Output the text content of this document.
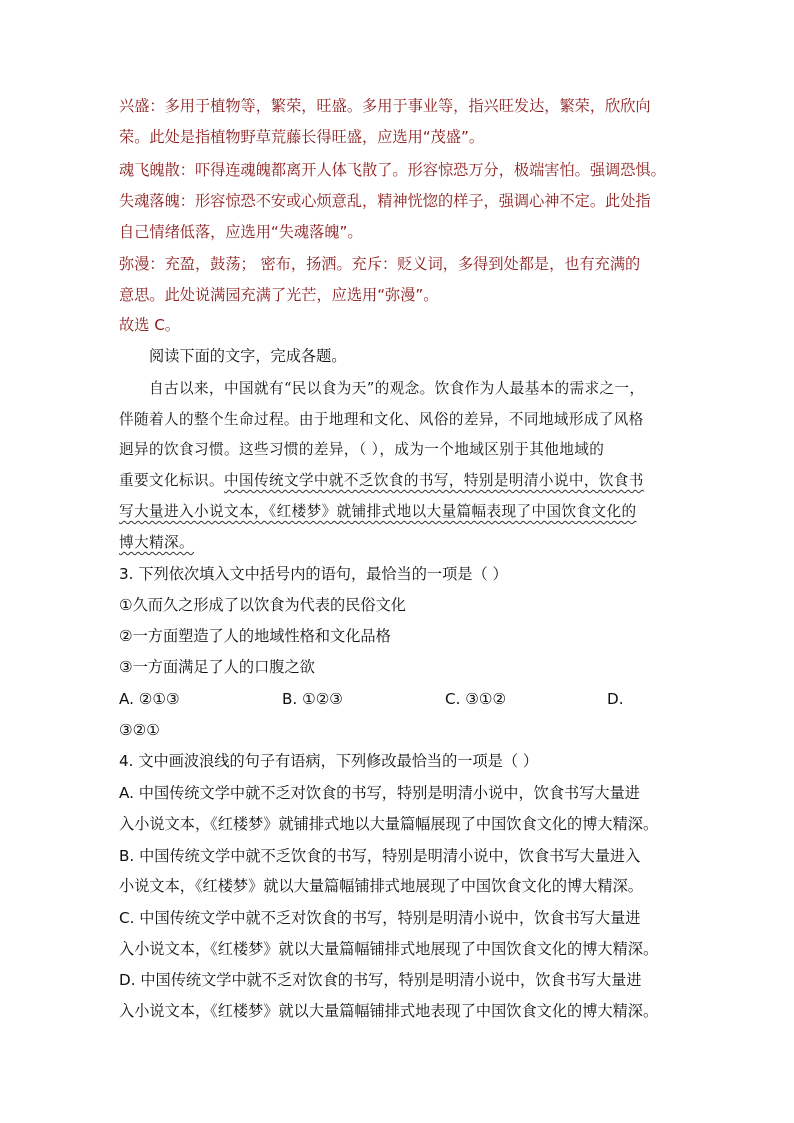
兴盛：多用于植物等，繁荣，旺盛。多用于事业等，指兴旺发达，繁荣，欣欣向
荣。此处是指植物野草荒藤长得旺盛，应选用“茂盛”。
魂飞魄散：吓得连魂魄都离开人体飞散了。形容惊恐万分，极端害怕。强调恐惧。
失魂落魄：形容惊恐不安或心烦意乱，精神恍惚的样子，强调心神不定。此处指
自己情绪低落，应选用“失魂落魄”。
弥漫：充盈，鼓荡； 密布，扬洒。充斥：贬义词，多得到处都是，也有充满的
意思。此处说满园充满了光芒，应选用“弥漫”。
故选 C。
阅读下面的文字，完成各题。
自古以来，中国就有“民以食为天”的观念。饮食作为人最基本的需求之一，
伴随着人的整个生命过程。由于地理和文化、风俗的差异，不同地域形成了风格
迥异的饮食习惯。这些习惯的差异，（ ），成为一个地域区别于其他地域的
重要文化标识。中国传统文学中就不乏饮食的书写，特别是明清小说中，饮食书
写大量进入小说文本，《红楼梦》就铺排式地以大量篇幅表现了中国饮食文化的
博大精深。
3. 下列依次填入文中括号内的语句，最恰当的一项是（ ）
①久而久之形成了以饮食为代表的民俗文化
②一方面塑造了人的地域性格和文化品格
③一方面满足了人的口腹之欲
A. ②①③	B. ①②③	C. ③①②	D.
③②①
4. 文中画波浪线的句子有语病，下列修改最恰当的一项是（ ）
A. 中国传统文学中就不乏对饮食的书写，特别是明清小说中，饮食书写大量进
入小说文本，《红楼梦》就铺排式地以大量篇幅展现了中国饮食文化的博大精深。
B. 中国传统文学中就不乏饮食的书写，特别是明清小说中，饮食书写大量进入
小说文本，《红楼梦》就以大量篇幅铺排式地展现了中国饮食文化的博大精深。
C. 中国传统文学中就不乏对饮食的书写，特别是明清小说中，饮食书写大量进
入小说文本，《红楼梦》就以大量篇幅铺排式地展现了中国饮食文化的博大精深。
D. 中国传统文学中就不乏对饮食的书写，特别是明清小说中，饮食书写大量进
入小说文本，《红楼梦》就以大量篇幅铺排式地表现了中国饮食文化的博大精深。
